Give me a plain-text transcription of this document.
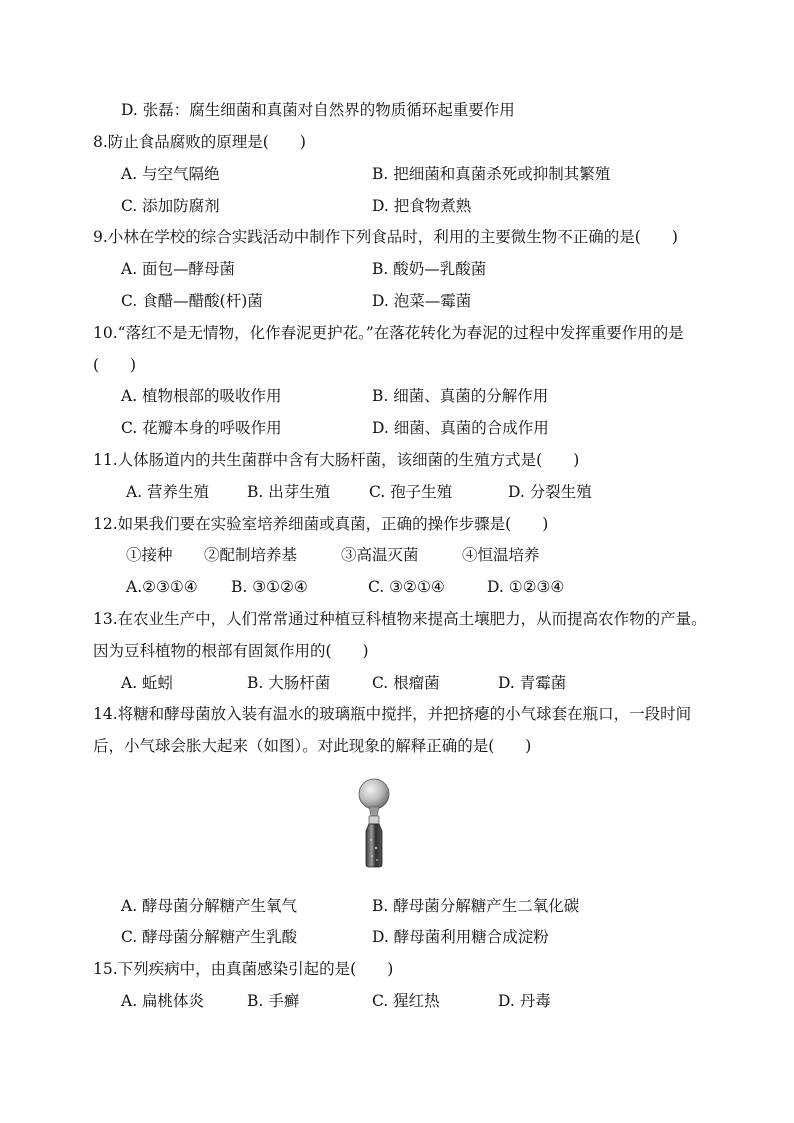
D. 张磊：腐生细菌和真菌对自然界的物质循环起重要作用
8.防止食品腐败的原理是(　　)
A. 与空气隔绝	B. 把细菌和真菌杀死或抑制其繁殖
C. 添加防腐剂	D. 把食物煮熟
9.小林在学校的综合实践活动中制作下列食品时，利用的主要微生物不正确的是(　　)
A. 面包—酵母菌	B. 酸奶—乳酸菌
C. 食醋—醋酸(杆)菌	D. 泡菜—霉菌
10.“落红不是无情物，化作春泥更护花。”在落花转化为春泥的过程中发挥重要作用的是
(　　)
A. 植物根部的吸收作用	B. 细菌、真菌的分解作用
C. 花瓣本身的呼吸作用	D. 细菌、真菌的合成作用
11.人体肠道内的共生菌群中含有大肠杆菌，该细菌的生殖方式是(　　)
A. 营养生殖 B. 出芽生殖	C. 孢子生殖	D. 分裂生殖
12.如果我们要在实验室培养细菌或真菌，正确的操作步骤是(　　)
①接种 ②配制培养基	③高温灭菌	④恒温培养
A.②③①④ B. ③①②④	C. ③②①④	D. ①②③④
13.在农业生产中，人们常常通过种植豆科植物来提高土壤肥力，从而提高农作物的产量。
因为豆科植物的根部有固氮作用的(　　)
A. 蚯蚓	B. 大肠杆菌	C. 根瘤菌	D. 青霉菌
14.将糖和酵母菌放入装有温水的玻璃瓶中搅拌，并把挤瘪的小气球套在瓶口，一段时间
后，小气球会胀大起来（如图）。对此现象的解释正确的是(　　)
A. 酵母菌分解糖产生氧气	B. 酵母菌分解糖产生二氧化碳
C. 酵母菌分解糖产生乳酸	D. 酵母菌利用糖合成淀粉
15.下列疾病中，由真菌感染引起的是(　　)
A. 扁桃体炎	B. 手癣	C. 猩红热	D. 丹毒
